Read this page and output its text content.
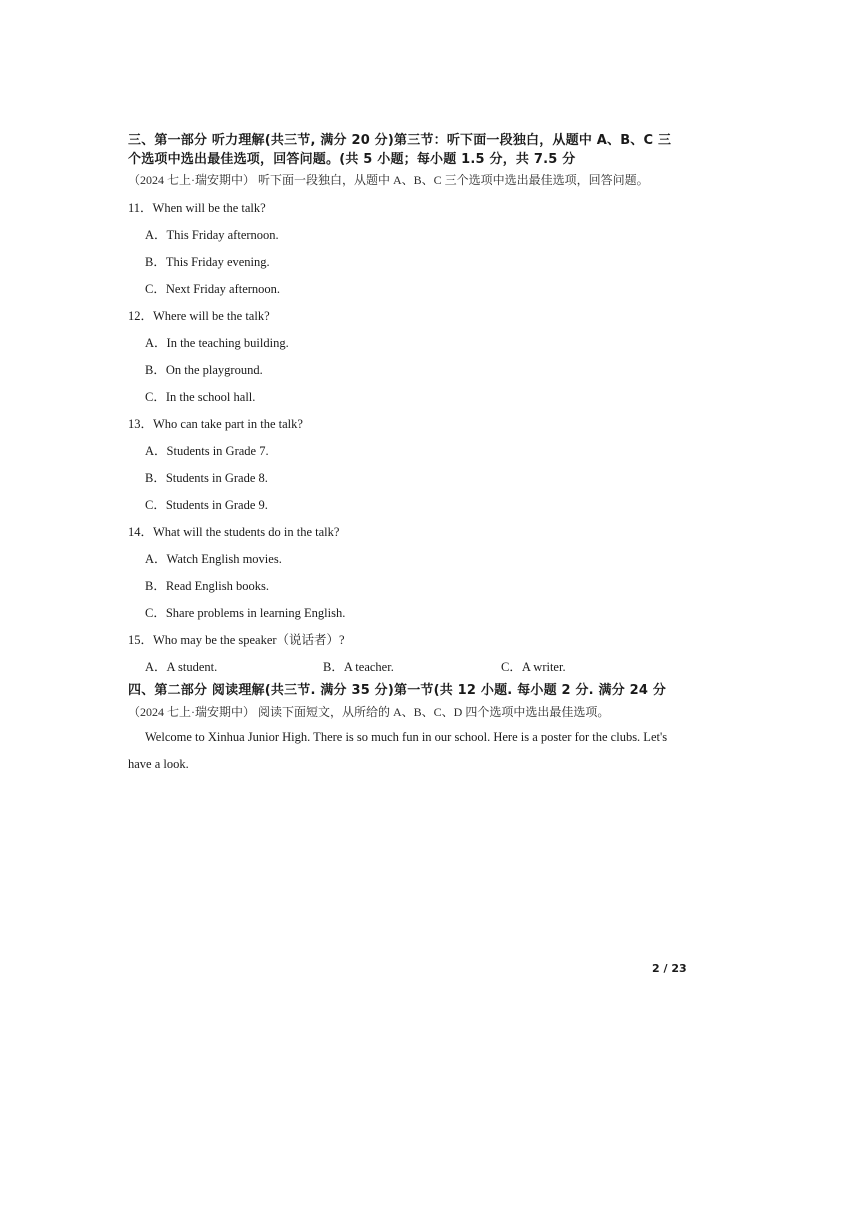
三、第一部分 听力理解(共三节, 满分 20 分)第三节：听下面一段独白，从题中 A、B、C 三
个选项中选出最佳选项，回答问题。(共 5 小题；每小题 1.5 分，共 7.5 分
（2024 七上·瑞安期中） 听下面一段独白，从题中 A、B、C 三个选项中选出最佳选项，回答问题。
11．When will be the talk?
A．This Friday afternoon.
B．This Friday evening.
C．Next Friday afternoon.
12．Where will be the talk?
A．In the teaching building.
B．On the playground.
C．In the school hall.
13．Who can take part in the talk?
A．Students in Grade 7.
B．Students in Grade 8.
C．Students in Grade 9.
14．What will the students do in the talk?
A．Watch English movies.
B．Read English books.
C．Share problems in learning English.
15．Who may be the speaker（说话者）?
A．A student.	B．A teacher.	C．A writer.
四、第二部分 阅读理解(共三节. 满分 35 分)第一节(共 12 小题. 每小题 2 分. 满分 24 分
（2024 七上·瑞安期中） 阅读下面短文，从所给的 A、B、C、D 四个选项中选出最佳选项。
Welcome to Xinhua Junior High. There is so much fun in our school. Here is a poster for the clubs. Let's
have a look.
2 / 23
